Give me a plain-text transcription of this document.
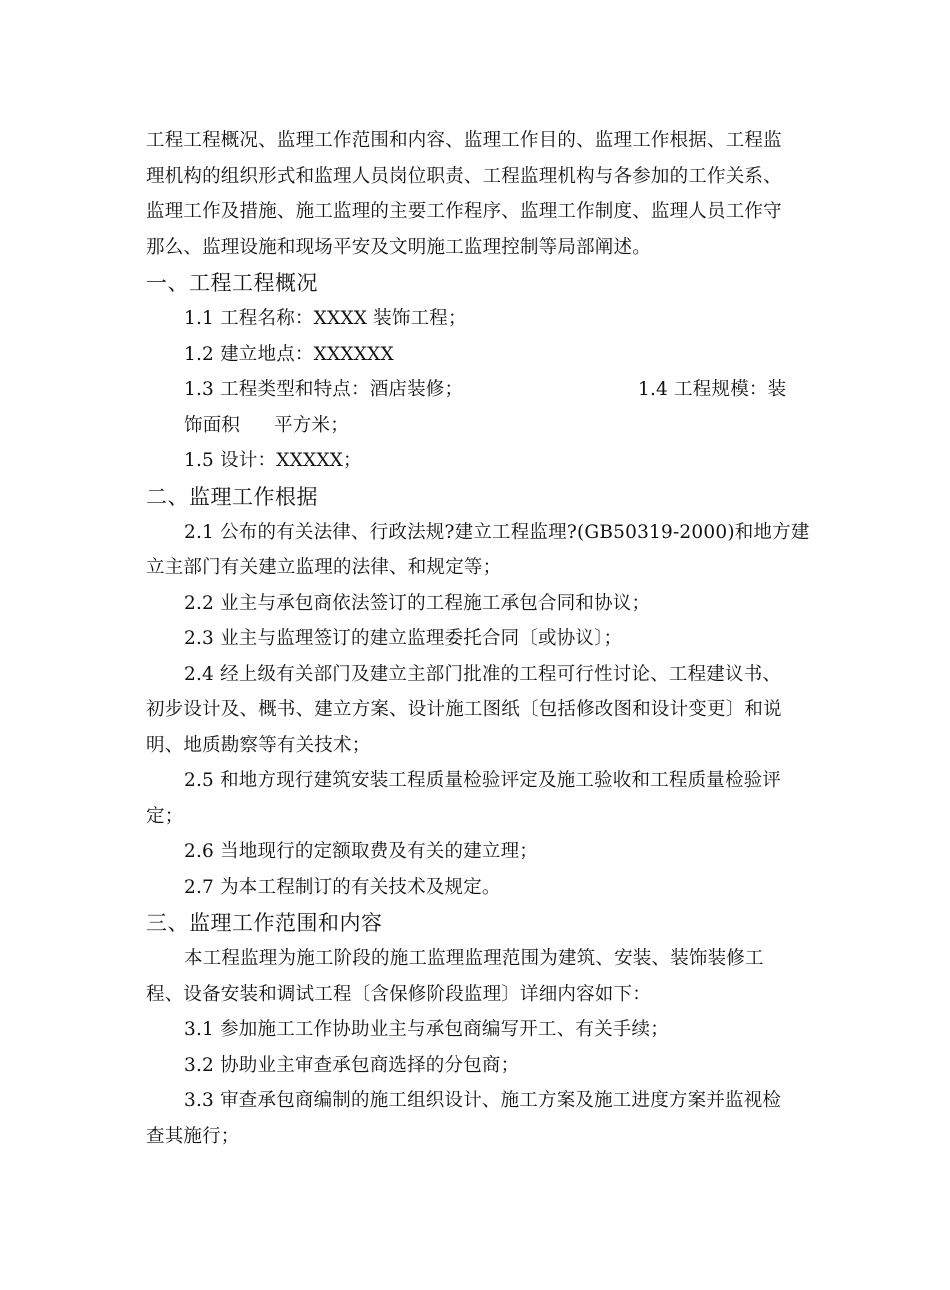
工程工程概况、监理工作范围和内容、监理工作目的、监理工作根据、工程监
理机构的组织形式和监理人员岗位职责、工程监理机构与各参加的工作关系、
监理工作及措施、施工监理的主要工作程序、监理工作制度、监理人员工作守
那么、监理设施和现场平安及文明施工监理控制等局部阐述。
一、工程工程概况
1.1 工程名称：XXXX 装饰工程；
1.2 建立地点：XXXXXX
1.3 工程类型和特点：酒店装修；	1.4 工程规模：装
饰面积 平方米；
1.5 设计：XXXXX；
二、监理工作根据
2.1 公布的有关法律、行政法规?建立工程监理?(GB50319-2000)和地方建
立主部门有关建立监理的法律、和规定等；
2.2 业主与承包商依法签订的工程施工承包合同和协议；
2.3 业主与监理签订的建立监理委托合同〔或协议〕；
2.4 经上级有关部门及建立主部门批准的工程可行性讨论、工程建议书、
初步设计及、概书、建立方案、设计施工图纸〔包括修改图和设计变更〕和说
明、地质勘察等有关技术；
2.5 和地方现行建筑安装工程质量检验评定及施工验收和工程质量检验评
定；
2.6 当地现行的定额取费及有关的建立理；
2.7 为本工程制订的有关技术及规定。
三、监理工作范围和内容
本工程监理为施工阶段的施工监理监理范围为建筑、安装、装饰装修工
程、设备安装和调试工程〔含保修阶段监理〕详细内容如下：
3.1 参加施工工作协助业主与承包商编写开工、有关手续；
3.2 协助业主审查承包商选择的分包商；
3.3 审查承包商编制的施工组织设计、施工方案及施工进度方案并监视检
查其施行；
